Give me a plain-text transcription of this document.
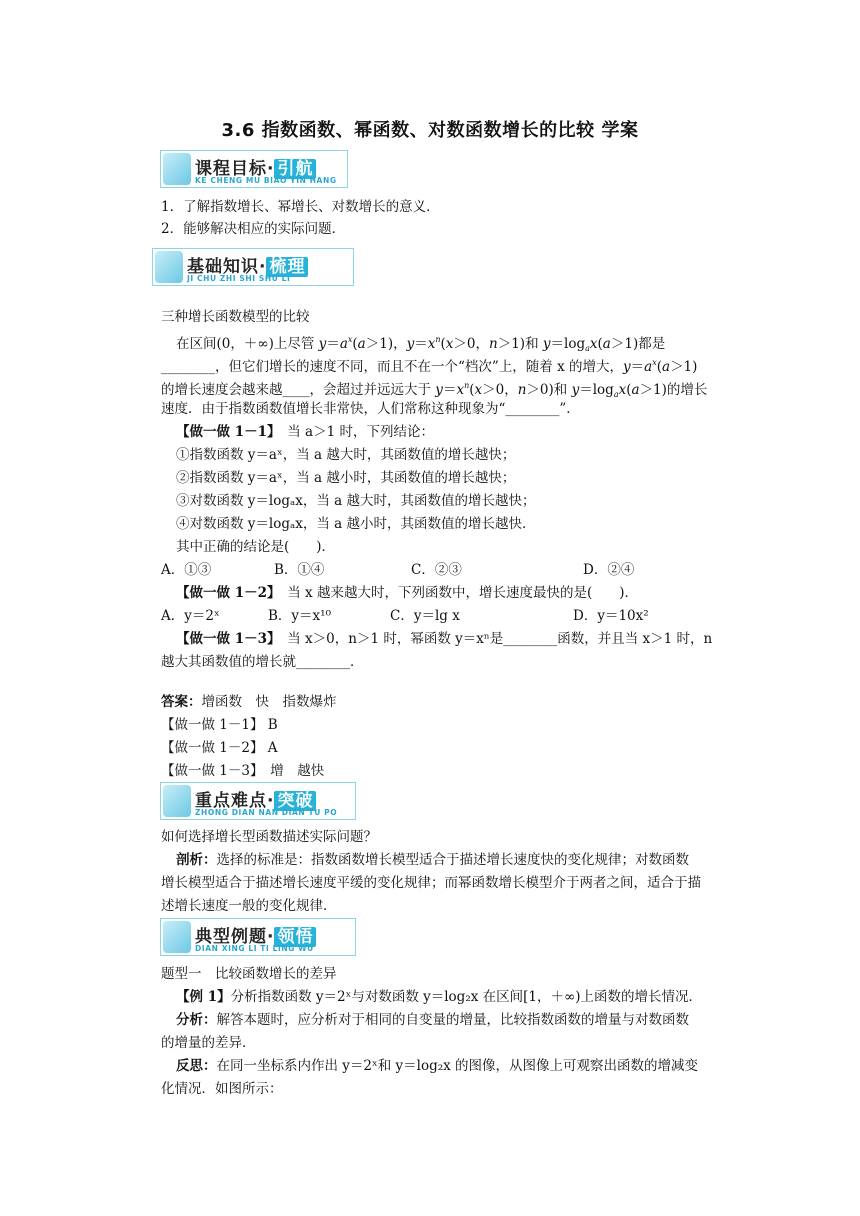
3.6 指数函数、幂函数、对数函数增长的比较 学案
课程目标· 引航
KE CHENG MU BIAO YIN HANG
1．了解指数增长、幂增长、对数增长的意义．
2．能够解决相应的实际问题．
基础知识· 梳理
JI CHU ZHI SHI SHU LI
三种增长函数模型的比较
在区间(0，＋∞)上尽管 $y=a^x(a>1)$，$y=x^n(x>0$，n＞1)和 $y=\log_ax(a>1)$都是
________，但它们增长的速度不同，而且不在一个“档次”上，随着 x 的增大，$y=a^x(a>1)$
的增长速度会越来越____，会超过并远远大于 $y=x^n(x>0$，n＞0)和 $y=\log_ax(a>1)$的增长
速度．由于指数函数值增长非常快，人们常称这种现象为“________”．
【做一做 1－1】　 当 a＞1 时，下列结论：
①指数函数 y＝aˣ，当 a 越大时，其函数值的增长越快；
②指数函数 y＝aˣ，当 a 越小时，其函数值的增长越快；
③对数函数 y＝logₐx，当 a 越大时，其函数值的增长越快；
④对数函数 y＝logₐx，当 a 越小时，其函数值的增长越快．
其中正确的结论是(　　)．
A．①③	B．①④	C．②③	D．②④
【做一做 1－2】　 当 x 越来越大时，下列函数中，增长速度最快的是(　　)．
A．y＝2ˣ	B．y＝x¹⁰	C．y＝lg x	D．y＝10x²
【做一做 1－3】　 当 x＞0，n＞1 时，幂函数 y＝xⁿ是________函数，并且当 x＞1 时，n
越大其函数值的增长就________．
答案：增函数　快　指数爆炸
【做一做 1－1】 B
【做一做 1－2】 A
【做一做 1－3】　增　越快
重点难点· 突破
ZHONG DIAN NAN DIAN TU PO
如何选择增长型函数描述实际问题？
剖析：选择的标准是：指数函数增长模型适合于描述增长速度快的变化规律；对数函数
增长模型适合于描述增长速度平缓的变化规律；而幂函数增长模型介于两者之间，适合于描
述增长速度一般的变化规律．
典型例题· 领悟
DIAN XING LI TI LING WU
题型一　比较函数增长的差异
【例 1】分析指数函数 y＝2ˣ与对数函数 y＝log₂x 在区间[1，＋∞)上函数的增长情况．
分析：解答本题时，应分析对于相同的自变量的增量，比较指数函数的增量与对数函数
的增量的差异．
反思：在同一坐标系内作出 y＝2ˣ和 y＝log₂x 的图像，从图像上可观察出函数的增减变
化情况．如图所示：
